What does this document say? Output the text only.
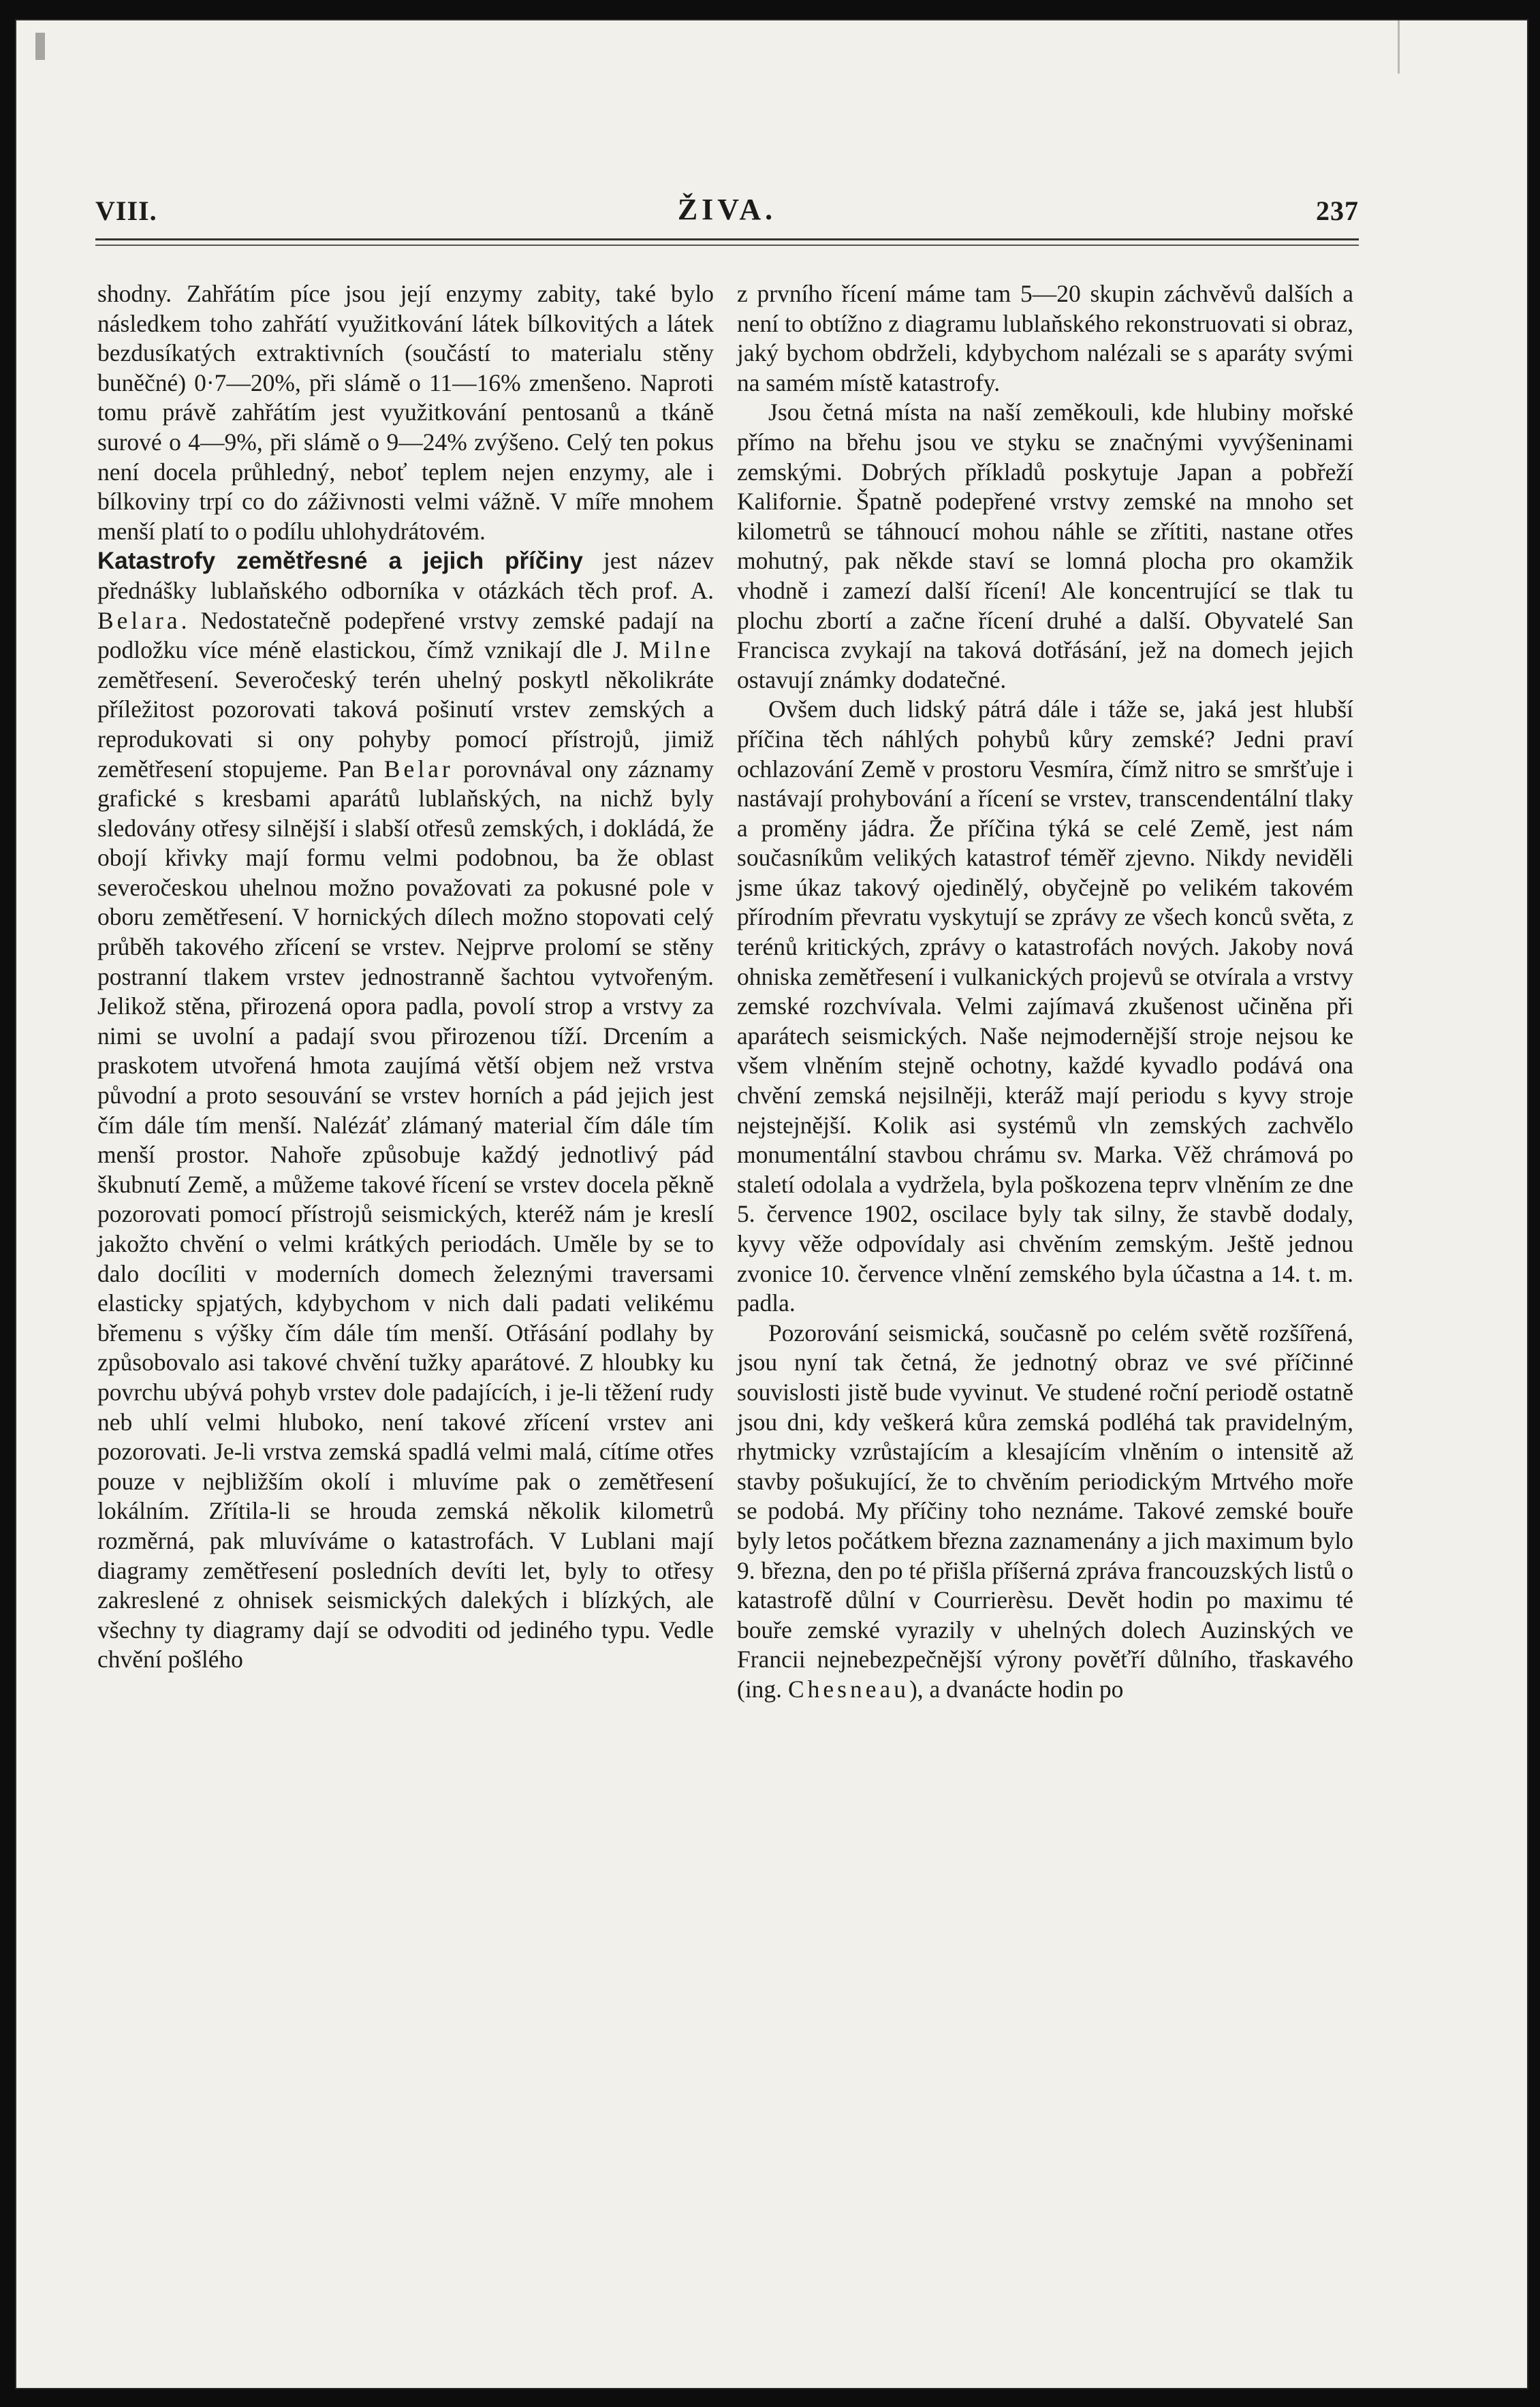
VIII.	ŽIVA.	237

shodny. Zahřátím píce jsou její enzymy zabity, také bylo následkem toho zahřátí využitkování látek bílkovitých a látek bezdusíkatých extraktivních (součástí to materialu stěny buněčné) 0·7—20%, při slámě o 11—16% zmenšeno. Naproti tomu právě zahřátím jest využitkování pentosanů a tkáně surové o 4—9%, při slámě o 9—24% zvýšeno. Celý ten pokus není docela průhledný, neboť teplem nejen enzymy, ale i bílkoviny trpí co do záživnosti velmi vážně. V míře mnohem menší platí to o podílu uhlohydrátovém.

Katastrofy zemětřesné a jejich příčiny jest název přednášky lublaňského odborníka v otázkách těch prof. A. Belara. Nedostatečně podepřené vrstvy zemské padají na podložku více méně elastickou, čímž vznikají dle J. Milne zemětřesení. Severočeský terén uhelný poskytl několikráte příležitost pozorovati taková pošinutí vrstev zemských a reprodukovati si ony pohyby pomocí přístrojů, jimiž zemětřesení stopujeme. Pan Belar porovnával ony záznamy grafické s kresbami aparátů lublaňských, na nichž byly sledovány otřesy silnější i slabší otřesů zemských, i dokládá, že obojí křivky mají formu velmi podobnou, ba že oblast severočeskou uhelnou možno považovati za pokusné pole v oboru zemětřesení. V hornických dílech možno stopovati celý průběh takového zřícení se vrstev. Nejprve prolomí se stěny postranní tlakem vrstev jednostranně šachtou vytvořeným. Jelikož stěna, přirozená opora padla, povolí strop a vrstvy za nimi se uvolní a padají svou přirozenou tíží. Drcením a praskotem utvořená hmota zaujímá větší objem než vrstva původní a proto sesouvání se vrstev horních a pád jejich jest čím dále tím menší. Nalézáť zlámaný material čím dále tím menší prostor. Nahoře způsobuje každý jednotlivý pád škubnutí Země, a můžeme takové řícení se vrstev docela pěkně pozorovati pomocí přístrojů seismických, kteréž nám je kreslí jakožto chvění o velmi krátkých periodách. Uměle by se to dalo docíliti v moderních domech železnými traversami elasticky spjatých, kdybychom v nich dali padati velikému břemenu s výšky čím dále tím menší. Otřásání podlahy by způsobovalo asi takové chvění tužky aparátové. Z hloubky ku povrchu ubývá pohyb vrstev dole padajících, i je-li těžení rudy neb uhlí velmi hluboko, není takové zřícení vrstev ani pozorovati. Je-li vrstva zemská spadlá velmi malá, cítíme otřes pouze v nejbližším okolí i mluvíme pak o zemětřesení lokálním. Zřítila-li se hrouda zemská několik kilometrů rozměrná, pak mluvíváme o katastrofách. V Lublani mají diagramy zemětřesení posledních devíti let, byly to otřesy zakreslené z ohnisek seismických dalekých i blízkých, ale všechny ty diagramy dají se odvoditi od jediného typu. Vedle chvění pošlého

z prvního řícení máme tam 5—20 skupin záchvěvů dalších a není to obtížno z diagramu lublaňského rekonstruovati si obraz, jaký bychom obdrželi, kdybychom nalézali se s aparáty svými na samém místě katastrofy.

Jsou četná místa na naší zeměkouli, kde hlubiny mořské přímo na břehu jsou ve styku se značnými vyvýšeninami zemskými. Dobrých příkladů poskytuje Japan a pobřeží Kalifornie. Špatně podepřené vrstvy zemské na mnoho set kilometrů se táhnoucí mohou náhle se zřítiti, nastane otřes mohutný, pak někde staví se lomná plocha pro okamžik vhodně i zamezí další řícení! Ale koncentrující se tlak tu plochu zbortí a začne řícení druhé a další. Obyvatelé San Francisca zvykají na taková dotřásání, jež na domech jejich ostavují známky dodatečné.

Ovšem duch lidský pátrá dále i táže se, jaká jest hlubší příčina těch náhlých pohybů kůry zemské? Jedni praví ochlazování Země v prostoru Vesmíra, čímž nitro se smršťuje i nastávají prohybování a řícení se vrstev, transcendentální tlaky a proměny jádra. Že příčina týká se celé Země, jest nám současníkům velikých katastrof téměř zjevno. Nikdy neviděli jsme úkaz takový ojedinělý, obyčejně po velikém takovém přírodním převratu vyskytují se zprávy ze všech konců světa, z terénů kritických, zprávy o katastrofách nových. Jakoby nová ohniska zemětřesení i vulkanických projevů se otvírala a vrstvy zemské rozchvívala. Velmi zajímavá zkušenost učiněna při aparátech seismických. Naše nejmodernější stroje nejsou ke všem vlněním stejně ochotny, každé kyvadlo podává ona chvění zemská nejsilněji, kteráž mají periodu s kyvy stroje nejstejnější. Kolik asi systémů vln zemských zachvělo monumentální stavbou chrámu sv. Marka. Věž chrámová po staletí odolala a vydržela, byla poškozena teprv vlněním ze dne 5. července 1902, oscilace byly tak silny, že stavbě dodaly, kyvy věže odpovídaly asi chvěním zemským. Ještě jednou zvonice 10. července vlnění zemského byla účastna a 14. t. m. padla.

Pozorování seismická, současně po celém světě rozšířená, jsou nyní tak četná, že jednotný obraz ve své příčinné souvislosti jistě bude vyvinut. Ve studené roční periodě ostatně jsou dni, kdy veškerá kůra zemská podléhá tak pravidelným, rhytmicky vzrůstajícím a klesajícím vlněním o intensitě až stavby pošukující, že to chvěním periodickým Mrtvého moře se podobá. My příčiny toho neznáme. Takové zemské bouře byly letos počátkem března zaznamenány a jich maximum bylo 9. března, den po té přišla příšerná zpráva francouzských listů o katastrofě důlní v Courrierèsu. Devět hodin po maximu té bouře zemské vyrazily v uhelných dolech Auzinských ve Francii nejnebezpečnější výrony pověťří důlního, třaskavého (ing. Chesneau), a dvanácte hodin po
